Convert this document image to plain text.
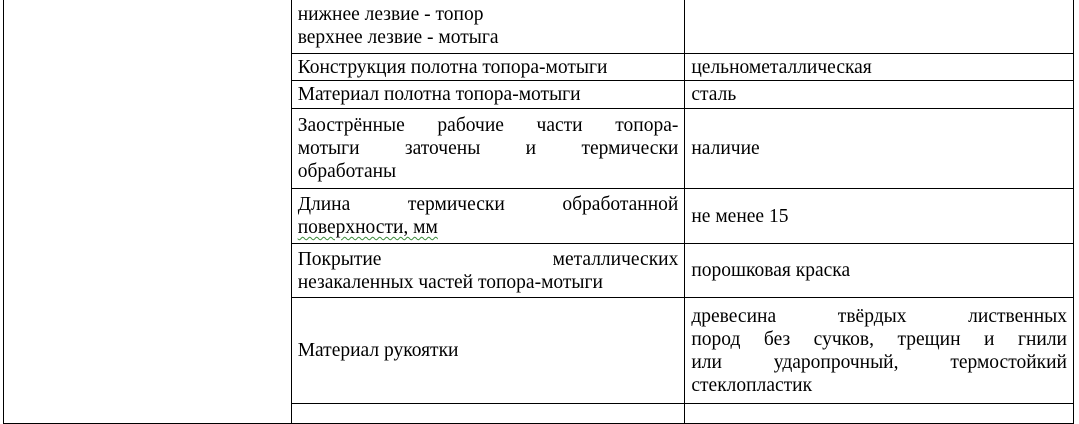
	нижнее лезвие - топор
верхнее лезвие - мотыга	

	Конструкция полотна топора-мотыги	цельнометаллическая

	Материал полотна топора-мотыги	сталь

	Заострённые рабочие части топора-
мотыги заточены и термически
обработаны	наличие

	Длина термически обработанной
поверхности, мм	не менее 15

	Покрытие металлических
незакаленных частей топора-мотыги	порошковая краска

	Материал рукоятки	древесина твёрдых лиственных
пород без сучков, трещин и гнили
или ударопрочный, термостойкий
стеклопластик
